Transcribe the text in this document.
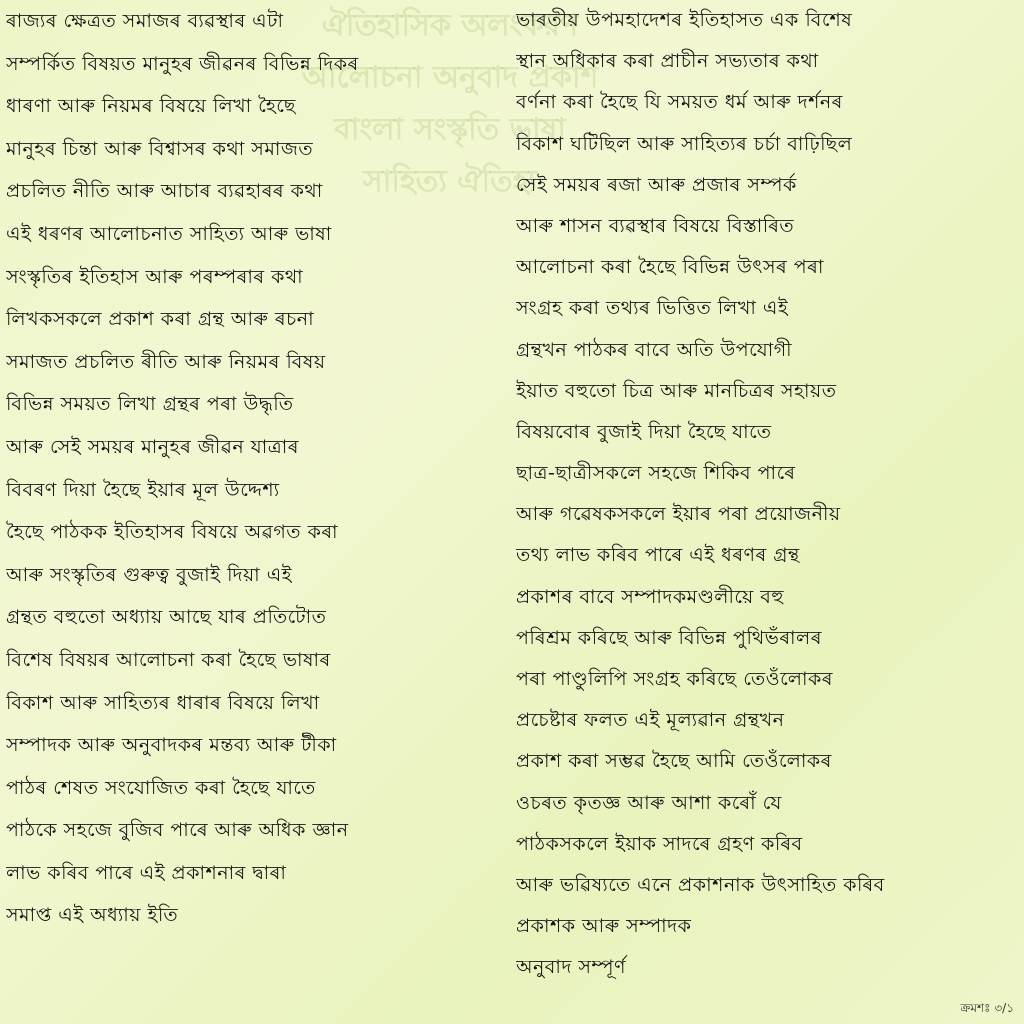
ঐতিহাসিক অলংকরণ আলোচনা অনুবাদ প্রকাশ বাংলা সংস্কৃতি ভাষা সাহিত্য ঐতিহ্য

ৰাজ্যৰ ক্ষেত্ৰত সমাজৰ ব্যৱস্থাৰ এটা

সম্পৰ্কিত বিষয়ত মানুহৰ জীৱনৰ বিভিন্ন দিকৰ

ধাৰণা আৰু নিয়মৰ বিষয়ে লিখা হৈছে

মানুহৰ চিন্তা আৰু বিশ্বাসৰ কথা সমাজত

প্ৰচলিত নীতি আৰু আচাৰ ব্যৱহাৰৰ কথা

এই ধৰণৰ আলোচনাত সাহিত্য আৰু ভাষা

সংস্কৃতিৰ ইতিহাস আৰু পৰম্পৰাৰ কথা

লিখকসকলে প্ৰকাশ কৰা গ্ৰন্থ আৰু ৰচনা

সমাজত প্ৰচলিত ৰীতি আৰু নিয়মৰ বিষয়

বিভিন্ন সময়ত লিখা গ্ৰন্থৰ পৰা উদ্ধৃতি

আৰু সেই সময়ৰ মানুহৰ জীৱন যাত্ৰাৰ

বিবৰণ দিয়া হৈছে ইয়াৰ মূল উদ্দেশ্য

হৈছে পাঠকক ইতিহাসৰ বিষয়ে অৱগত কৰা

আৰু সংস্কৃতিৰ গুৰুত্ব বুজাই দিয়া এই

গ্ৰন্থত বহুতো অধ্যায় আছে যাৰ প্ৰতিটোত

বিশেষ বিষয়ৰ আলোচনা কৰা হৈছে ভাষাৰ

বিকাশ আৰু সাহিত্যৰ ধাৰাৰ বিষয়ে লিখা

সম্পাদক আৰু অনুবাদকৰ মন্তব্য আৰু টীকা

পাঠৰ শেষত সংযোজিত কৰা হৈছে যাতে

পাঠকে সহজে বুজিব পাৰে আৰু অধিক জ্ঞান

লাভ কৰিব পাৰে এই প্ৰকাশনাৰ দ্বাৰা

সমাপ্ত এই অধ্যায় ইতি

ভাৰতীয় উপমহাদেশৰ ইতিহাসত এক বিশেষ

স্থান অধিকাৰ কৰা প্ৰাচীন সভ্যতাৰ কথা

বৰ্ণনা কৰা হৈছে যি সময়ত ধৰ্ম আৰু দৰ্শনৰ

বিকাশ ঘটিছিল আৰু সাহিত্যৰ চৰ্চা বাঢ়িছিল

সেই সময়ৰ ৰজা আৰু প্ৰজাৰ সম্পৰ্ক

আৰু শাসন ব্যৱস্থাৰ বিষয়ে বিস্তাৰিত

আলোচনা কৰা হৈছে বিভিন্ন উৎসৰ পৰা

সংগ্ৰহ কৰা তথ্যৰ ভিত্তিত লিখা এই

গ্ৰন্থখন পাঠকৰ বাবে অতি উপযোগী

ইয়াত বহুতো চিত্ৰ আৰু মানচিত্ৰৰ সহায়ত

বিষয়বোৰ বুজাই দিয়া হৈছে যাতে

ছাত্ৰ-ছাত্ৰীসকলে সহজে শিকিব পাৰে

আৰু গৱেষকসকলে ইয়াৰ পৰা প্ৰয়োজনীয়

তথ্য লাভ কৰিব পাৰে এই ধৰণৰ গ্ৰন্থ

প্ৰকাশৰ বাবে সম্পাদকমণ্ডলীয়ে বহু

পৰিশ্ৰম কৰিছে আৰু বিভিন্ন পুথিভঁৰালৰ

পৰা পাণ্ডুলিপি সংগ্ৰহ কৰিছে তেওঁলোকৰ

প্ৰচেষ্টাৰ ফলত এই মূল্যৱান গ্ৰন্থখন

প্ৰকাশ কৰা সম্ভৱ হৈছে আমি তেওঁলোকৰ

ওচৰত কৃতজ্ঞ আৰু আশা কৰোঁ যে

পাঠকসকলে ইয়াক সাদৰে গ্ৰহণ কৰিব

আৰু ভৱিষ্যতে এনে প্ৰকাশনাক উৎসাহিত কৰিব

প্ৰকাশক আৰু সম্পাদক

অনুবাদ সম্পূৰ্ণ

ক্ৰমশঃ ৩/১
